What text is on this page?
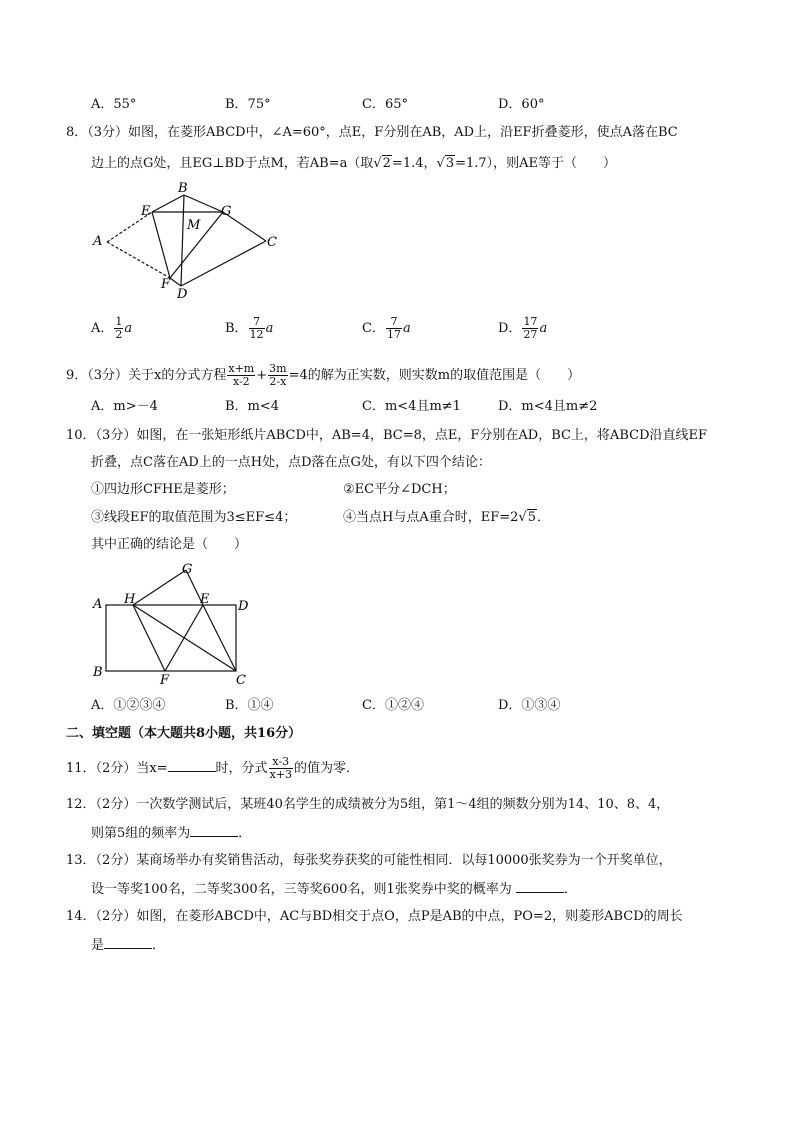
A．55°	B．75°	C．65°	D．60°
8．（3分）如图，在菱形ABCD中，∠A=60°，点E，F分别在AB，AD上，沿EF折叠菱形，使点A落在BC
边上的点G处，且EG⊥BD于点M，若AB=a（取√2=1.4，√3=1.7），则AE等于（　　）
B
E	G
M
A	C
F
D
A． $\frac{1}{2}$ a	B． $\frac{7}{12}$ a	C． $\frac{7}{17}$ a	D． $\frac{17}{27}$ a
9．（3分）关于x的分式方程 $\frac{x+m}{x-2} + \frac{3m}{2-x} =4$的解为正实数，则实数m的取值范围是（　　）
A．m>－4	B．m<4	C．m<4且m≠1	D．m<4且m≠2
10．（3分）如图，在一张矩形纸片ABCD中，AB=4，BC=8，点E，F分别在AD，BC上，将ABCD沿直线EF
折叠，点C落在AD上的一点H处，点D落在点G处，有以下四个结论：
①四边形CFHE是菱形；	②EC平分∠DCH；
③线段EF的取值范围为3≤EF≤4；	④当点H与点A重合时，EF=2√5．
其中正确的结论是（　　）
G
A H	E D
B
F	C
A．①②③④	B．①④	C．①②④	D．①③④
二、填空题（本大题共8小题，共16分）
11．（2分）当x=	时，分式 $\frac{x-3}{x+3}$ 的值为零．
12．（2分）一次数学测试后，某班40名学生的成绩被分为5组，第1～4组的频数分别为14、10、8、4，
则第5组的频率为	．
13．（2分）某商场举办有奖销售活动，每张奖券获奖的可能性相同．以每10000张奖券为一个开奖单位，
设一等奖100名，二等奖300名，三等奖600名，则1张奖券中奖的概率为	．
14．（2分）如图，在菱形ABCD中，AC与BD相交于点O，点P是AB的中点，PO=2，则菱形ABCD的周长
是	．
